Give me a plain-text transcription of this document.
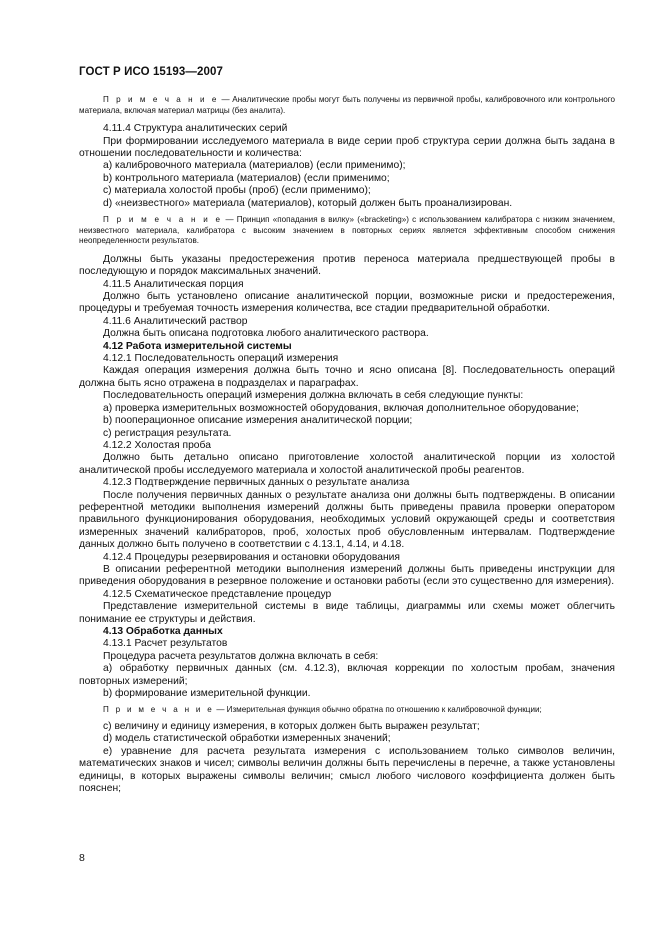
ГОСТ Р ИСО 15193—2007

П р и м е ч а н и е — Аналитические пробы могут быть получены из первичной пробы, калибровочного или контрольного материала, включая материал матрицы (без аналита).

4.11.4 Структура аналитических серий

При формировании исследуемого материала в виде серии проб структура серии должна быть задана в отношении последовательности и количества:

a) калибровочного материала (материалов) (если применимо);

b) контрольного материала (материалов) (если применимо;

c) материала холостой пробы (проб) (если применимо);

d) «неизвестного» материала (материалов), который должен быть проанализирован.

П р и м е ч а н и е — Принцип «попадания в вилку» («bracketing») с использованием калибратора с низким значением, неизвестного материала, калибратора с высоким значением в повторных сериях является эффективным способом снижения неопределенности результатов.

Должны быть указаны предостережения против переноса материала предшествующей пробы в последующую и порядок максимальных значений.

4.11.5 Аналитическая порция

Должно быть установлено описание аналитической порции, возможные риски и предостережения, процедуры и требуемая точность измерения количества, все стадии предварительной обработки.

4.11.6 Аналитический раствор

Должна быть описана подготовка любого аналитического раствора.

4.12 Работа измерительной системы

4.12.1 Последовательность операций измерения

Каждая операция измерения должна быть точно и ясно описана [8]. Последовательность операций должна быть ясно отражена в подразделах и параграфах.

Последовательность операций измерения должна включать в себя следующие пункты:

a) проверка измерительных возможностей оборудования, включая дополнительное оборудование;

b) пооперационное описание измерения аналитической порции;

c) регистрация результата.

4.12.2 Холостая проба

Должно быть детально описано приготовление холостой аналитической порции из холостой аналитической пробы исследуемого материала и холостой аналитической пробы реагентов.

4.12.3 Подтверждение первичных данных о результате анализа

После получения первичных данных о результате анализа они должны быть подтверждены. В описании референтной методики выполнения измерений должны быть приведены правила проверки оператором правильного функционирования оборудования, необходимых условий окружающей среды и соответствия измеренных значений калибраторов, проб, холостых проб обусловленным интервалам. Подтверждение данных должно быть получено в соответствии с 4.13.1, 4.14, и 4.18.

4.12.4 Процедуры резервирования и остановки оборудования

В описании референтной методики выполнения измерений должны быть приведены инструкции для приведения оборудования в резервное положение и остановки работы (если это существенно для измерения).

4.12.5 Схематическое представление процедур

Представление измерительной системы в виде таблицы, диаграммы или схемы может облегчить понимание ее структуры и действия.

4.13 Обработка данных

4.13.1 Расчет результатов

Процедура расчета результатов должна включать в себя:

a) обработку первичных данных (см. 4.12.3), включая коррекции по холостым пробам, значения повторных измерений;

b) формирование измерительной функции.

П р и м е ч а н и е — Измерительная функция обычно обратна по отношению к калибровочной функции;

c) величину и единицу измерения, в которых должен быть выражен результат;

d) модель статистической обработки измеренных значений;

e) уравнение для расчета результата измерения с использованием только символов величин, математических знаков и чисел; символы величин должны быть перечислены в перечне, а также установлены единицы, в которых выражены символы величин; смысл любого числового коэффициента должен быть пояснен;

8
